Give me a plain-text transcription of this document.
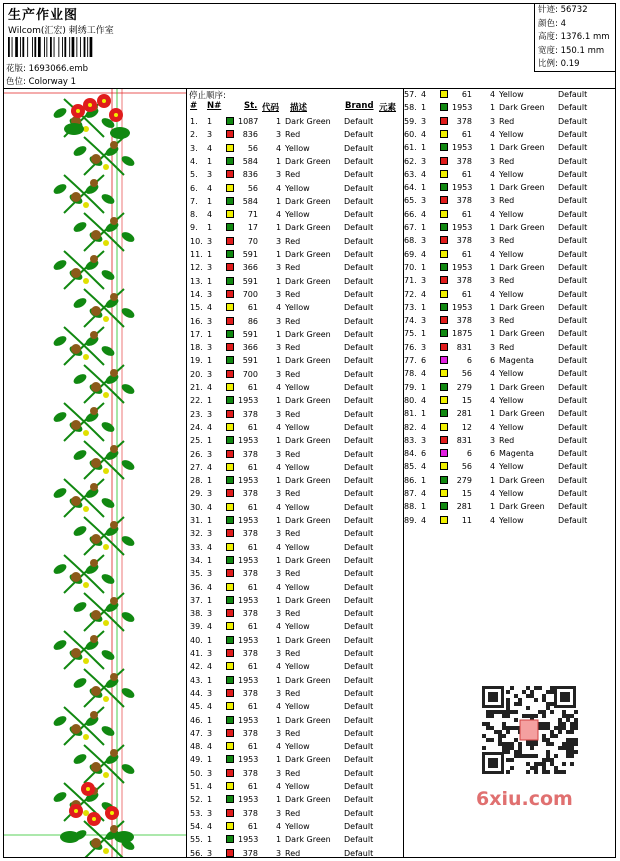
生产作业图
Wilcom(汇宏) 刺绣工作室
花版: 1693066.emb
色位: Colorway 1
针迹: 56732
颜色: 4
高度: 1376.1 mm
宽度: 150.1 mm
比例: 0.19
停止顺序:
# N#	St. 代码 描述	Brand 元素
1. 1	1087 1 Dark Green Default
2. 3	836 3 Red	Default
3. 4	56 4 Yellow	Default
4. 1	584 1 Dark Green Default
5. 3	836 3 Red	Default
6. 4	56 4 Yellow	Default
7. 1	584 1 Dark Green Default
8. 4	71 4 Yellow	Default
9. 1	17 1 Dark Green Default
10. 3	70 3 Red	Default
11. 1	591 1 Dark Green Default
12. 3	366 3 Red	Default
13. 1	591 1 Dark Green Default
14. 3	700 3 Red	Default
15. 4	61 4 Yellow	Default
16. 3	86 3 Red	Default
17. 1	591 1 Dark Green Default
18. 3	366 3 Red	Default
19. 1	591 1 Dark Green Default
20. 3	700 3 Red	Default
21. 4	61 4 Yellow	Default
22. 1	1953 1 Dark Green Default
23. 3	378 3 Red	Default
24. 4	61 4 Yellow	Default
25. 1	1953 1 Dark Green Default
26. 3	378 3 Red	Default
27. 4	61 4 Yellow	Default
28. 1	1953 1 Dark Green Default
29. 3	378 3 Red	Default
30. 4	61 4 Yellow	Default
31. 1	1953 1 Dark Green Default
32. 3	378 3 Red	Default
33. 4	61 4 Yellow	Default
34. 1	1953 1 Dark Green Default
35. 3	378 3 Red	Default
36. 4	61 4 Yellow	Default
37. 1	1953 1 Dark Green Default
38. 3	378 3 Red	Default
39. 4	61 4 Yellow	Default
40. 1	1953 1 Dark Green Default
41. 3	378 3 Red	Default
42. 4	61 4 Yellow	Default
43. 1	1953 1 Dark Green Default
44. 3	378 3 Red	Default
45. 4	61 4 Yellow	Default
46. 1	1953 1 Dark Green Default
47. 3	378 3 Red	Default
48. 4	61 4 Yellow	Default
49. 1	1953 1 Dark Green Default
50. 3	378 3 Red	Default
51. 4	61 4 Yellow	Default
52. 1	1953 1 Dark Green Default
53. 3	378 3 Red	Default
54. 4	61 4 Yellow	Default
55. 1	1953 1 Dark Green Default
56. 3	378 3 Red	Default
57. 4	61 4 Yellow	Default
58. 1	1953 1 Dark Green Default
59. 3	378 3 Red	Default
60. 4	61 4 Yellow	Default
61. 1	1953 1 Dark Green Default
62. 3	378 3 Red	Default
63. 4	61 4 Yellow	Default
64. 1	1953 1 Dark Green Default
65. 3	378 3 Red	Default
66. 4	61 4 Yellow	Default
67. 1	1953 1 Dark Green Default
68. 3	378 3 Red	Default
69. 4	61 4 Yellow	Default
70. 1	1953 1 Dark Green Default
71. 3	378 3 Red	Default
72. 4	61 4 Yellow	Default
73. 1	1953 1 Dark Green Default
74. 3	378 3 Red	Default
75. 1	1875 1 Dark Green Default
76. 3	831 3 Red	Default
77. 6	6 6 Magenta	Default
78. 4	56 4 Yellow	Default
79. 1	279 1 Dark Green Default
80. 4	15 4 Yellow	Default
81. 1	281 1 Dark Green Default
82. 4	12 4 Yellow	Default
83. 3	831 3 Red	Default
84. 6	6 6 Magenta	Default
85. 4	56 4 Yellow	Default
86. 1	279 1 Dark Green Default
87. 4	15 4 Yellow	Default
88. 1	281 1 Dark Green Default
89. 4	11 4 Yellow	Default
6xiu.com
